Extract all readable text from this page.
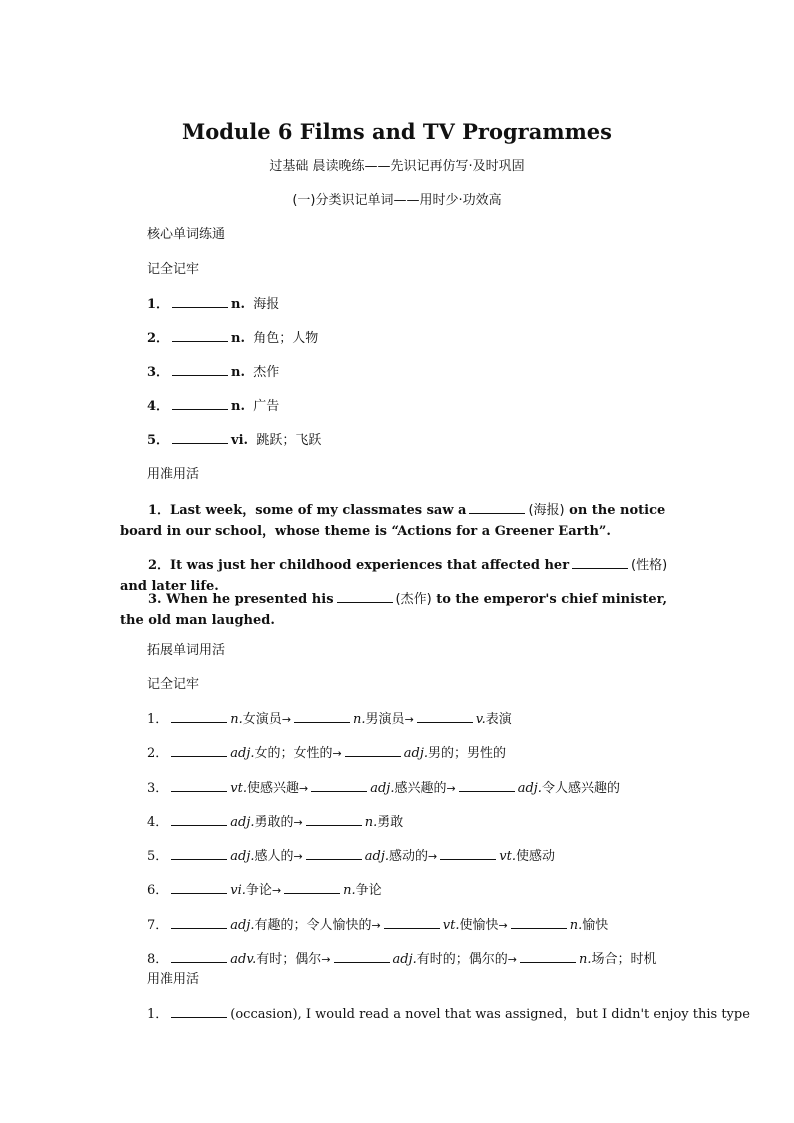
Module 6 Films and TV Programmes
过基础 晨读晚练——先识记再仿写·及时巩固
(一)分类识记单词——用时少·功效高
核心单词练通
记全记牢
1．	n. 海报
2．	n. 角色；人物
3．	n. 杰作
4．	n. 广告
5．	vi. 跳跃；飞跃
用准用活
1．Last week，some of my classmates saw a	(海报) on the notice board in our school，whose theme is “Actions for a Greener Earth”.
2．It was just her childhood experiences that affected her	(性格) and later life.
3. When he presented his	(杰作) to the emperor's chief minister, the old man laughed.
拓展单词用活
记全记牢
1．	n.女演员→	n.男演员→	v.表演
2．	adj.女的；女性的→	adj.男的；男性的
3．	vt.使感兴趣→	adj.感兴趣的→	adj.令人感兴趣的
4．	adj.勇敢的→	n.勇敢
5．	adj.感人的→	adj.感动的→	vt.使感动
6．	vi.争论→	n.争论
7．	adj.有趣的；令人愉快的→	vt.使愉快→	n.愉快
8．	adv.有时；偶尔→	adj.有时的；偶尔的→	n.场合；时机
用准用活
1．	(occasion), I would read a novel that was assigned，but I didn't enjoy this type
